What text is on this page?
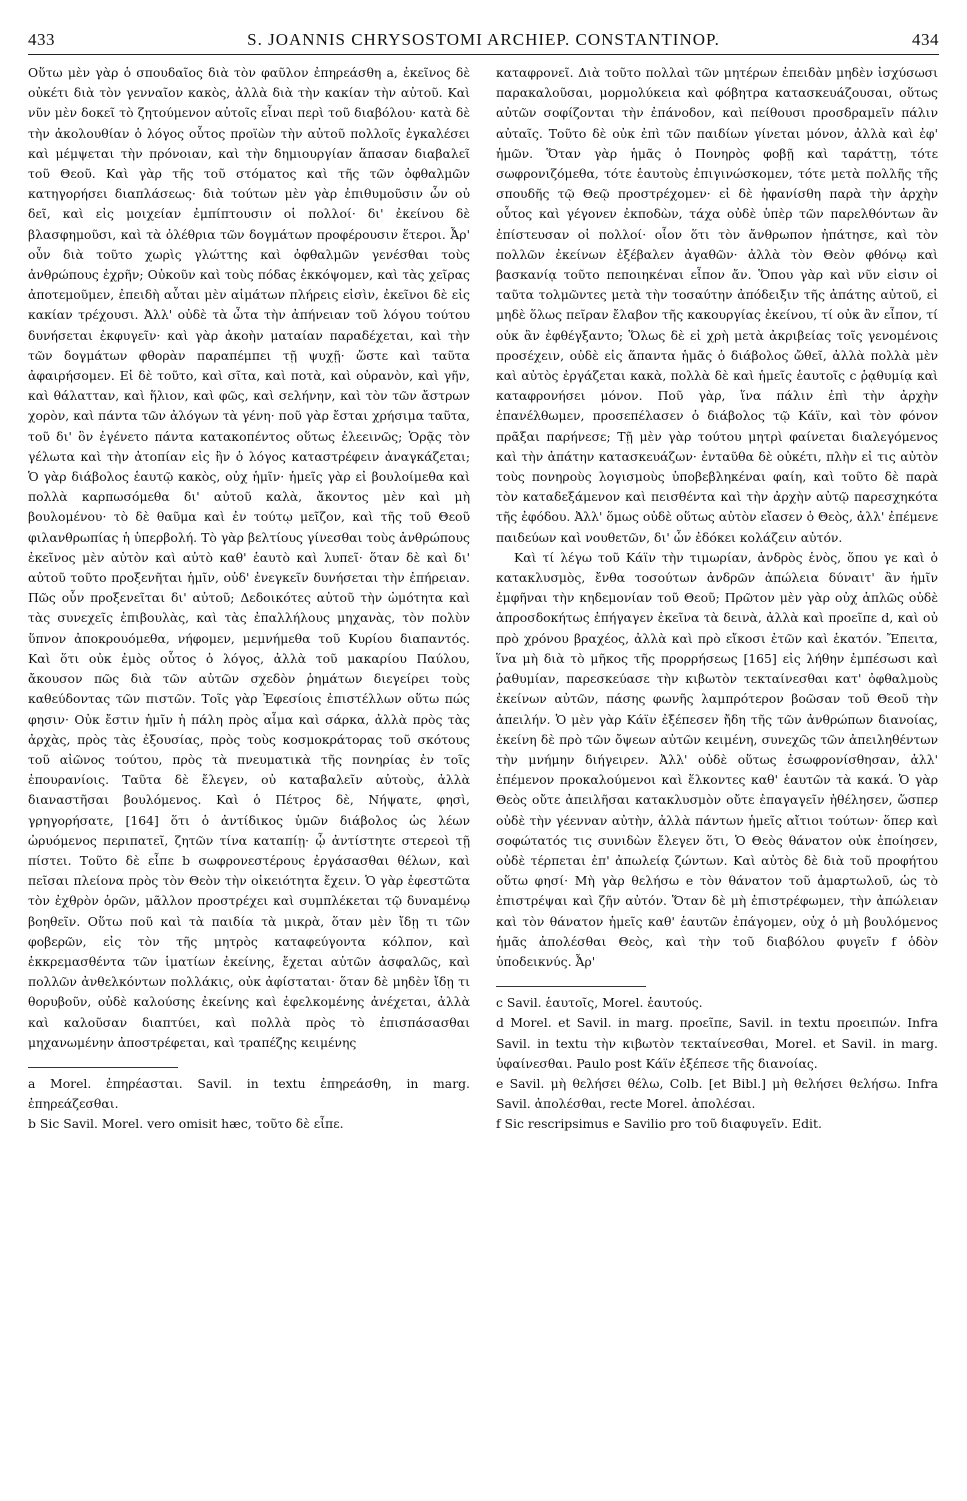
433	S. JOANNIS CHRYSOSTOMI ARCHIEP. CONSTANTINOP.	434

Οὕτω μὲν γὰρ ὁ σπουδαῖος διὰ τὸν φαῦλον ἐπηρεάσθη a, ἐκεῖνος δὲ οὐκέτι διὰ τὸν γενναῖον κακὸς, ἀλλὰ διὰ τὴν κακίαν τὴν αὐτοῦ. Καὶ νῦν μὲν δοκεῖ τὸ ζητούμενον αὐτοῖς εἶναι περὶ τοῦ διαβόλου· κατὰ δὲ τὴν ἀκολουθίαν ὁ λόγος οὗτος προϊὼν τὴν αὐτοῦ πολλοῖς ἐγκαλέσει καὶ μέμψεται τὴν πρόνοιαν, καὶ τὴν δημιουργίαν ἅπασαν διαβαλεῖ τοῦ Θεοῦ. Καὶ γὰρ τῆς τοῦ στόματος καὶ τῆς τῶν ὀφθαλμῶν κατηγορήσει διαπλάσεως· διὰ τούτων μὲν γὰρ ἐπιθυμοῦσιν ὧν οὐ δεῖ, καὶ εἰς μοιχείαν ἐμπίπτουσιν οἱ πολλοί· δι' ἐκείνου δὲ βλασφημοῦσι, καὶ τὰ ὀλέθρια τῶν δογμάτων προφέρουσιν ἕτεροι. Ἆρ' οὖν διὰ τοῦτο χωρὶς γλώττης καὶ ὀφθαλμῶν γενέσθαι τοὺς ἀνθρώπους ἐχρῆν; Οὐκοῦν καὶ τοὺς πόδας ἐκκόψομεν, καὶ τὰς χεῖρας ἀποτεμοῦμεν, ἐπειδὴ αὗται μὲν αἱμάτων πλήρεις εἰσὶν, ἐκεῖνοι δὲ εἰς κακίαν τρέχουσι. Ἀλλ' οὐδὲ τὰ ὦτα τὴν ἀπήνειαν τοῦ λόγου τούτου δυνήσεται ἐκφυγεῖν· καὶ γὰρ ἀκοὴν ματαίαν παραδέχεται, καὶ τὴν τῶν δογμάτων φθορὰν παραπέμπει τῇ ψυχῇ· ὥστε καὶ ταῦτα ἀφαιρήσομεν. Εἰ δὲ τοῦτο, καὶ σῖτα, καὶ ποτὰ, καὶ οὐρανὸν, καὶ γῆν, καὶ θάλατταν, καὶ ἥλιον, καὶ φῶς, καὶ σελήνην, καὶ τὸν τῶν ἄστρων χορὸν, καὶ πάντα τῶν ἀλόγων τὰ γένη· ποῦ γὰρ ἔσται χρήσιμα ταῦτα, τοῦ δι' ὃν ἐγένετο πάντα κατακοπέντος οὕτως ἐλεεινῶς; Ὁρᾷς τὸν γέλωτα καὶ τὴν ἀτοπίαν εἰς ἣν ὁ λόγος καταστρέφειν ἀναγκάζεται; Ὁ γὰρ διάβολος ἑαυτῷ κακὸς, οὐχ ἡμῖν· ἡμεῖς γὰρ εἰ βουλοίμεθα καὶ πολλὰ καρπωσόμεθα δι' αὐτοῦ καλὰ, ἄκοντος μὲν καὶ μὴ βουλομένου· τὸ δὲ θαῦμα καὶ ἐν τούτῳ μεῖζον, καὶ τῆς τοῦ Θεοῦ φιλανθρωπίας ἡ ὑπερβολή. Τὸ γὰρ βελτίους γίνεσθαι τοὺς ἀνθρώπους ἐκεῖνος μὲν αὐτὸν καὶ αὐτὸ καθ' ἑαυτὸ καὶ λυπεῖ· ὅταν δὲ καὶ δι' αὐτοῦ τοῦτο προξενῆται ἡμῖν, οὐδ' ἐνεγκεῖν δυνήσεται τὴν ἐπήρειαν. Πῶς οὖν προξενεῖται δι' αὐτοῦ; Δεδοικότες αὐτοῦ τὴν ὠμότητα καὶ τὰς συνεχεῖς ἐπιβουλὰς, καὶ τὰς ἐπαλλήλους μηχανὰς, τὸν πολὺν ὕπνον ἀποκρουόμεθα, νήφομεν, μεμνήμεθα τοῦ Κυρίου διαπαντός. Καὶ ὅτι οὐκ ἐμὸς οὗτος ὁ λόγος, ἀλλὰ τοῦ μακαρίου Παύλου, ἄκουσον πῶς διὰ τῶν αὐτῶν σχεδὸν ῥημάτων διεγείρει τοὺς καθεύδοντας τῶν πιστῶν. Τοῖς γὰρ Ἐφεσίοις ἐπιστέλλων οὕτω πώς φησιν· Οὐκ ἔστιν ἡμῖν ἡ πάλη πρὸς αἷμα καὶ σάρκα, ἀλλὰ πρὸς τὰς ἀρχὰς, πρὸς τὰς ἐξουσίας, πρὸς τοὺς κοσμοκράτορας τοῦ σκότους τοῦ αἰῶνος τούτου, πρὸς τὰ πνευματικὰ τῆς πονηρίας ἐν τοῖς ἐπουρανίοις. Ταῦτα δὲ ἔλεγεν, οὐ καταβαλεῖν αὐτοὺς, ἀλλὰ διαναστῆσαι βουλόμενος. Καὶ ὁ Πέτρος δὲ, Νήψατε, φησὶ, γρηγορήσατε, [164] ὅτι ὁ ἀντίδικος ὑμῶν διάβολος ὡς λέων ὠρυόμενος περιπατεῖ, ζητῶν τίνα καταπίῃ· ᾧ ἀντίστητε στερεοὶ τῇ πίστει. Τοῦτο δὲ εἶπε b σωφρονεστέρους ἐργάσασθαι θέλων, καὶ πεῖσαι πλείονα πρὸς τὸν Θεὸν τὴν οἰκειότητα ἔχειν. Ὁ γὰρ ἐφεστῶτα τὸν ἐχθρὸν ὁρῶν, μᾶλλον προστρέχει καὶ συμπλέκεται τῷ δυναμένῳ βοηθεῖν. Οὕτω ποῦ καὶ τὰ παιδία τὰ μικρὰ, ὅταν μὲν ἴδῃ τι τῶν φοβερῶν, εἰς τὸν τῆς μητρὸς καταφεύγοντα κόλπον, καὶ ἐκκρεμασθέντα τῶν ἱματίων ἐκείνης, ἔχεται αὐτῶν ἀσφαλῶς, καὶ πολλῶν ἀνθελκόντων πολλάκις, οὐκ ἀφίσταται· ὅταν δὲ μηδὲν ἴδῃ τι θορυβοῦν, οὐδὲ καλούσης ἐκείνης καὶ ἐφελκομένης ἀνέχεται, ἀλλὰ καὶ καλοῦσαν διαπτύει, καὶ πολλὰ πρὸς τὸ ἐπισπάσασθαι μηχανωμένην ἀποστρέφεται, καὶ τραπέζης κειμένης

a Morel. ἐπηρέασται. Savil. in textu ἐπηρεάσθη, in marg. ἐπηρεάζεσθαι.

b Sic Savil. Morel. vero omisit hæc, τοῦτο δὲ εἶπε.

καταφρονεῖ. Διὰ τοῦτο πολλαὶ τῶν μητέρων ἐπειδὰν μηδὲν ἰσχύσωσι παρακαλοῦσαι, μορμολύκεια καὶ φόβητρα κατασκευάζουσαι, οὕτως αὐτῶν σοφίζονται τὴν ἐπάνοδον, καὶ πείθουσι προσδραμεῖν πάλιν αὐταῖς. Τοῦτο δὲ οὐκ ἐπὶ τῶν παιδίων γίνεται μόνον, ἀλλὰ καὶ ἐφ' ἡμῶν. Ὅταν γὰρ ἡμᾶς ὁ Πονηρὸς φοβῇ καὶ ταράττῃ, τότε σωφρονιζόμεθα, τότε ἑαυτοὺς ἐπιγινώσκομεν, τότε μετὰ πολλῆς τῆς σπουδῆς τῷ Θεῷ προστρέχομεν· εἰ δὲ ἠφανίσθη παρὰ τὴν ἀρχὴν οὗτος καὶ γέγονεν ἐκποδὼν, τάχα οὐδὲ ὑπὲρ τῶν παρελθόντων ἂν ἐπίστευσαν οἱ πολλοί· οἷον ὅτι τὸν ἄνθρωπον ἠπάτησε, καὶ τὸν πολλῶν ἐκείνων ἐξέβαλεν ἀγαθῶν· ἀλλὰ τὸν Θεὸν φθόνῳ καὶ βασκανίᾳ τοῦτο πεποιηκέναι εἶπον ἄν. Ὅπου γὰρ καὶ νῦν εἰσιν οἱ ταῦτα τολμῶντες μετὰ τὴν τοσαύτην ἀπόδειξιν τῆς ἀπάτης αὐτοῦ, εἰ μηδὲ ὅλως πεῖραν ἔλαβον τῆς κακουργίας ἐκείνου, τί οὐκ ἂν εἶπον, τί οὐκ ἂν ἐφθέγξαντο; Ὅλως δὲ εἰ χρὴ μετὰ ἀκριβείας τοῖς γενομένοις προσέχειν, οὐδὲ εἰς ἅπαντα ἡμᾶς ὁ διάβολος ὤθεῖ, ἀλλὰ πολλὰ μὲν καὶ αὐτὸς ἐργάζεται κακὰ, πολλὰ δὲ καὶ ἡμεῖς ἑαυτοῖς c ῥᾳθυμίᾳ καὶ καταφρονήσει μόνον. Ποῦ γὰρ, ἵνα πάλιν ἐπὶ τὴν ἀρχὴν ἐπανέλθωμεν, προσεπέλασεν ὁ διάβολος τῷ Κάϊν, καὶ τὸν φόνον πρᾶξαι παρήνεσε; Τῇ μὲν γὰρ τούτου μητρὶ φαίνεται διαλεγόμενος καὶ τὴν ἀπάτην κατασκευάζων· ἐνταῦθα δὲ οὐκέτι, πλὴν εἰ τις αὐτὸν τοὺς πονηροὺς λογισμοὺς ὑποβεβληκέναι φαίη, καὶ τοῦτο δὲ παρὰ τὸν καταδεξάμενον καὶ πεισθέντα καὶ τὴν ἀρχὴν αὐτῷ παρεσχηκότα τῆς ἐφόδου. Ἀλλ' ὅμως οὐδὲ οὕτως αὐτὸν εἴασεν ὁ Θεὸς, ἀλλ' ἐπέμενε παιδεύων καὶ νουθετῶν, δι' ὧν ἐδόκει κολάζειν αὐτόν.

Καὶ τί λέγω τοῦ Κάϊν τὴν τιμωρίαν, ἀνδρὸς ἑνὸς, ὅπου γε καὶ ὁ κατακλυσμὸς, ἔνθα τοσούτων ἀνδρῶν ἀπώλεια δύναιτ' ἂν ἡμῖν ἐμφῆναι τὴν κηδεμονίαν τοῦ Θεοῦ; Πρῶτον μὲν γὰρ οὐχ ἁπλῶς οὐδὲ ἀπροσδοκήτως ἐπήγαγεν ἐκεῖνα τὰ δεινὰ, ἀλλὰ καὶ προεῖπε d, καὶ οὐ πρὸ χρόνου βραχέος, ἀλλὰ καὶ πρὸ εἴκοσι ἐτῶν καὶ ἑκατόν. Ἔπειτα, ἵνα μὴ διὰ τὸ μῆκος τῆς προρρήσεως [165] εἰς λήθην ἐμπέσωσι καὶ ῥαθυμίαν, παρεσκεύασε τὴν κιβωτὸν τεκταίνεσθαι κατ' ὀφθαλμοὺς ἐκείνων αὐτῶν, πάσης φωνῆς λαμπρότερον βοῶσαν τοῦ Θεοῦ τὴν ἀπειλήν. Ὁ μὲν γὰρ Κάϊν ἐξέπεσεν ἤδη τῆς τῶν ἀνθρώπων διανοίας, ἐκείνη δὲ πρὸ τῶν ὄψεων αὐτῶν κειμένη, συνεχῶς τῶν ἀπειληθέντων τὴν μνήμην διήγειρεν. Ἀλλ' οὐδὲ οὕτως ἐσωφρονίσθησαν, ἀλλ' ἐπέμενον προκαλούμενοι καὶ ἕλκοντες καθ' ἑαυτῶν τὰ κακά. Ὁ γὰρ Θεὸς οὔτε ἀπειλῆσαι κατακλυσμὸν οὔτε ἐπαγαγεῖν ἠθέλησεν, ὥσπερ οὐδὲ τὴν γέενναν αὐτὴν, ἀλλὰ πάντων ἡμεῖς αἴτιοι τούτων· ὅπερ καὶ σοφώτατός τις συνιδὼν ἔλεγεν ὅτι, Ὁ Θεὸς θάνατον οὐκ ἐποίησεν, οὐδὲ τέρπεται ἐπ' ἀπωλείᾳ ζώντων. Καὶ αὐτὸς δὲ διὰ τοῦ προφήτου οὕτω φησί· Μὴ γὰρ θελήσω e τὸν θάνατον τοῦ ἁμαρτωλοῦ, ὡς τὸ ἐπιστρέψαι καὶ ζῆν αὐτόν. Ὅταν δὲ μὴ ἐπιστρέφωμεν, τὴν ἀπώλειαν καὶ τὸν θάνατον ἡμεῖς καθ' ἑαυτῶν ἐπάγομεν, οὐχ ὁ μὴ βουλόμενος ἡμᾶς ἀπολέσθαι Θεὸς, καὶ τὴν τοῦ διαβόλου φυγεῖν f ὁδὸν ὑποδεικνύς. Ἆρ'

c Savil. ἑαυτοῖς, Morel. ἑαυτούς.

d Morel. et Savil. in marg. προεῖπε, Savil. in textu προειπών. Infra Savil. in textu τὴν κιβωτὸν τεκταίνεσθαι, Morel. et Savil. in marg. ὑφαίνεσθαι. Paulo post Κάϊν ἐξέπεσε τῆς διανοίας.

e Savil. μὴ θελήσει θέλω, Colb. [et Bibl.] μὴ θελήσει θελήσω. Infra Savil. ἀπολέσθαι, recte Morel. ἀπολέσαι.

f Sic rescripsimus e Savilio pro τοῦ διαφυγεῖν. Edit.
